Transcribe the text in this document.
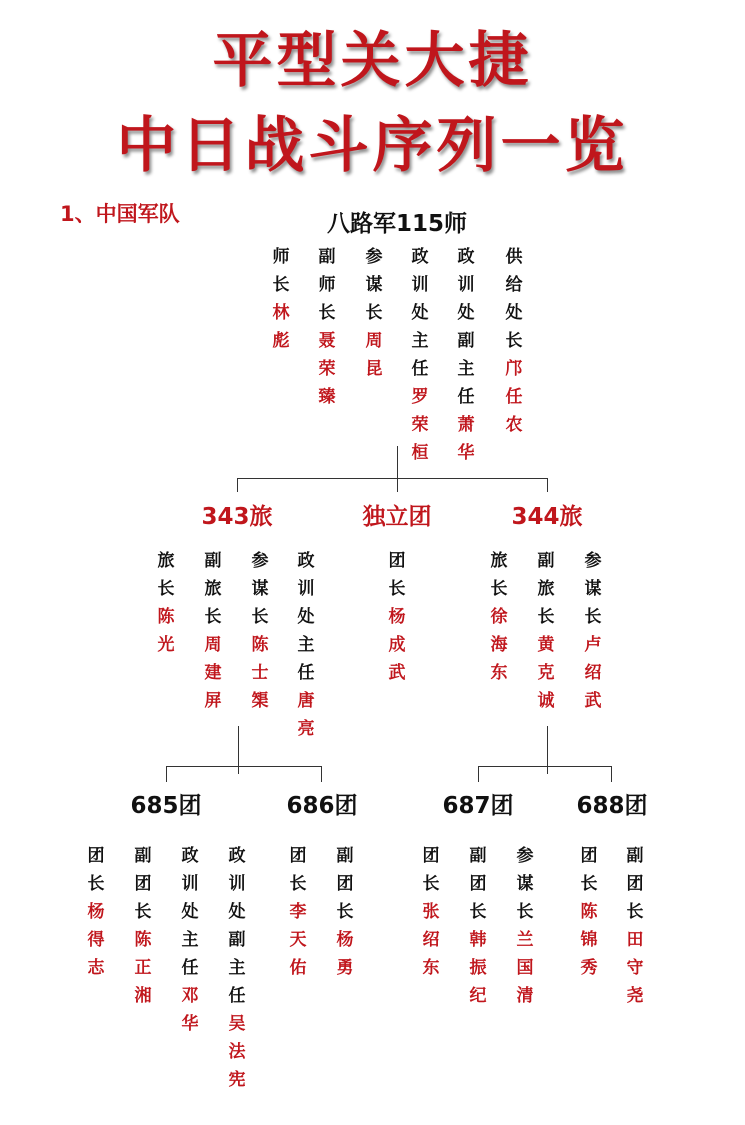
平型关大捷
中日战斗序列一览
1、中国军队	八路军115师
343旅	独立团	344旅
685团	686团	687团	688团
师长
林彪
副师长
聂荣臻
参谋长
周昆
政训处主任
罗荣桓
政训处副主任
萧华
供给处长
邝任农
旅长
陈光
副旅长
周建屏
参谋长
陈士榘
政训处主任
唐亮
团长
杨成武
旅长
徐海东
副旅长
黄克诚
参谋长
卢绍武
团长
杨得志
副团长
陈正湘
政训处主任
邓华
政训处副主任
吴法宪
团长
李天佑
副团长
杨勇
团长
张绍东
副团长
韩振纪
参谋长
兰国清
团长
陈锦秀
副团长
田守尧
